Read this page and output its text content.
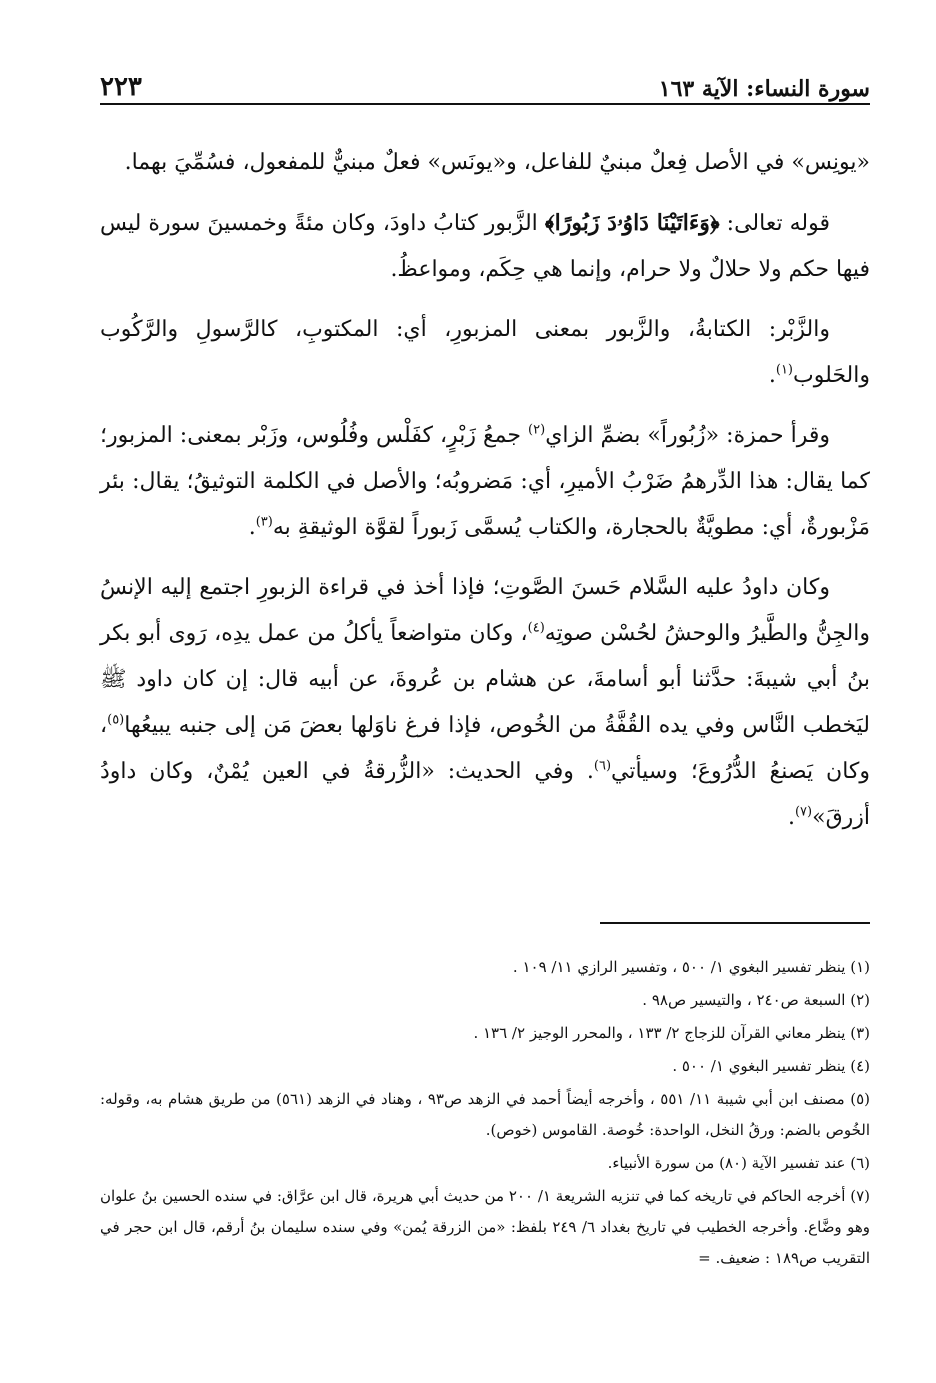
سورة النساء: الآية ١٦٣
٢٢٣

«يونِس» في الأصل فِعلٌ مبنيٌ للفاعل، و«يونَس» فعلٌ مبنيٌّ للمفعول، فسُمِّيَ بهما.

قوله تعالى: ﴿وَءَاتَيْنَا دَاوُۥدَ زَبُورًا﴾ الزَّبور كتابُ داودَ، وكان مئةً وخمسينَ سورة ليس فيها حكم ولا حلالٌ ولا حرام، وإنما هي حِكَم، ومواعظُ.

والزَّبْر: الكتابةُ، والزَّبور بمعنى المزبورِ، أي: المكتوبِ، كالرَّسولِ والرَّكُوب والحَلوب$^{(١)}$.

وقرأ حمزة: «زُبُوراً» بضمِّ الزاي$^{(٢)}$ جمعُ زَبْرٍ، كفَلْس وفُلُوس، وزَبْر بمعنى: المزبور؛ كما يقال: هذا الدِّرهمُ ضَرْبُ الأميرِ، أي: مَضروبُه؛ والأصل في الكلمة التوثيقُ؛ يقال: بئر مَزْبورةٌ، أي: مطويَّةٌ بالحجارة، والكتاب يُسمَّى زَبوراً لقوَّة الوثيقةِ به$^{(٣)}$.

وكان داودُ عليه السَّلام حَسنَ الصَّوتِ؛ فإذا أخذ في قراءة الزبورِ اجتمع إليه الإنسُ والجِنُّ والطَّيرُ والوحشُ لحُسْن صوتِه$^{(٤)}$، وكان متواضعاً يأكلُ من عمل يدِه، رَوى أبو بكر بنُ أبي شيبةَ: حدَّثنا أبو أسامةَ، عن هشام بن عُروةَ، عن أبيه قال: إن كان داود ﷺ ليَخطب النَّاس وفي يده القُفَّةُ من الخُوص، فإذا فرغ ناوَلها بعضَ مَن إلى جنبه يبيعُها$^{(٥)}$، وكان يَصنعُ الدُّرُوعَ؛ وسيأتي$^{(٦)}$. وفي الحديث: «الزُّرقةُ في العين يُمْنٌ، وكان داودُ أزرقَ»$^{(٧)}$.

(١) ينظر تفسير البغوي ١/ ٥٠٠ ، وتفسير الرازي ١١/ ١٠٩ .

(٢) السبعة ص٢٤٠ ، والتيسير ص٩٨ .

(٣) ينظر معاني القرآن للزجاج ٢/ ١٣٣ ، والمحرر الوجيز ٢/ ١٣٦ .

(٤) ينظر تفسير البغوي ١/ ٥٠٠ .

(٥) مصنف ابن أبي شيبة ١١/ ٥٥١ ، وأخرجه أيضاً أحمد في الزهد ص٩٣ ، وهناد في الزهد (٥٦١) من طريق هشام به، وقوله: الخُوص بالضم: ورقُ النخل، الواحدة: خُوصة. القاموس (خوص).

(٦) عند تفسير الآية (٨٠) من سورة الأنبياء.

(٧) أخرجه الحاكم في تاريخه كما في تنزيه الشريعة ١/ ٢٠٠ من حديث أبي هريرة، قال ابن عرَّاق: في سنده الحسين بنُ علوان وهو وضَّاع. وأخرجه الخطيب في تاريخ بغداد ٦/ ٢٤٩ بلفظ: «من الزرقة يُمن» وفي سنده سليمان بنُ أرقم، قال ابن حجر في التقريب ص١٨٩ : ضعيف. =
